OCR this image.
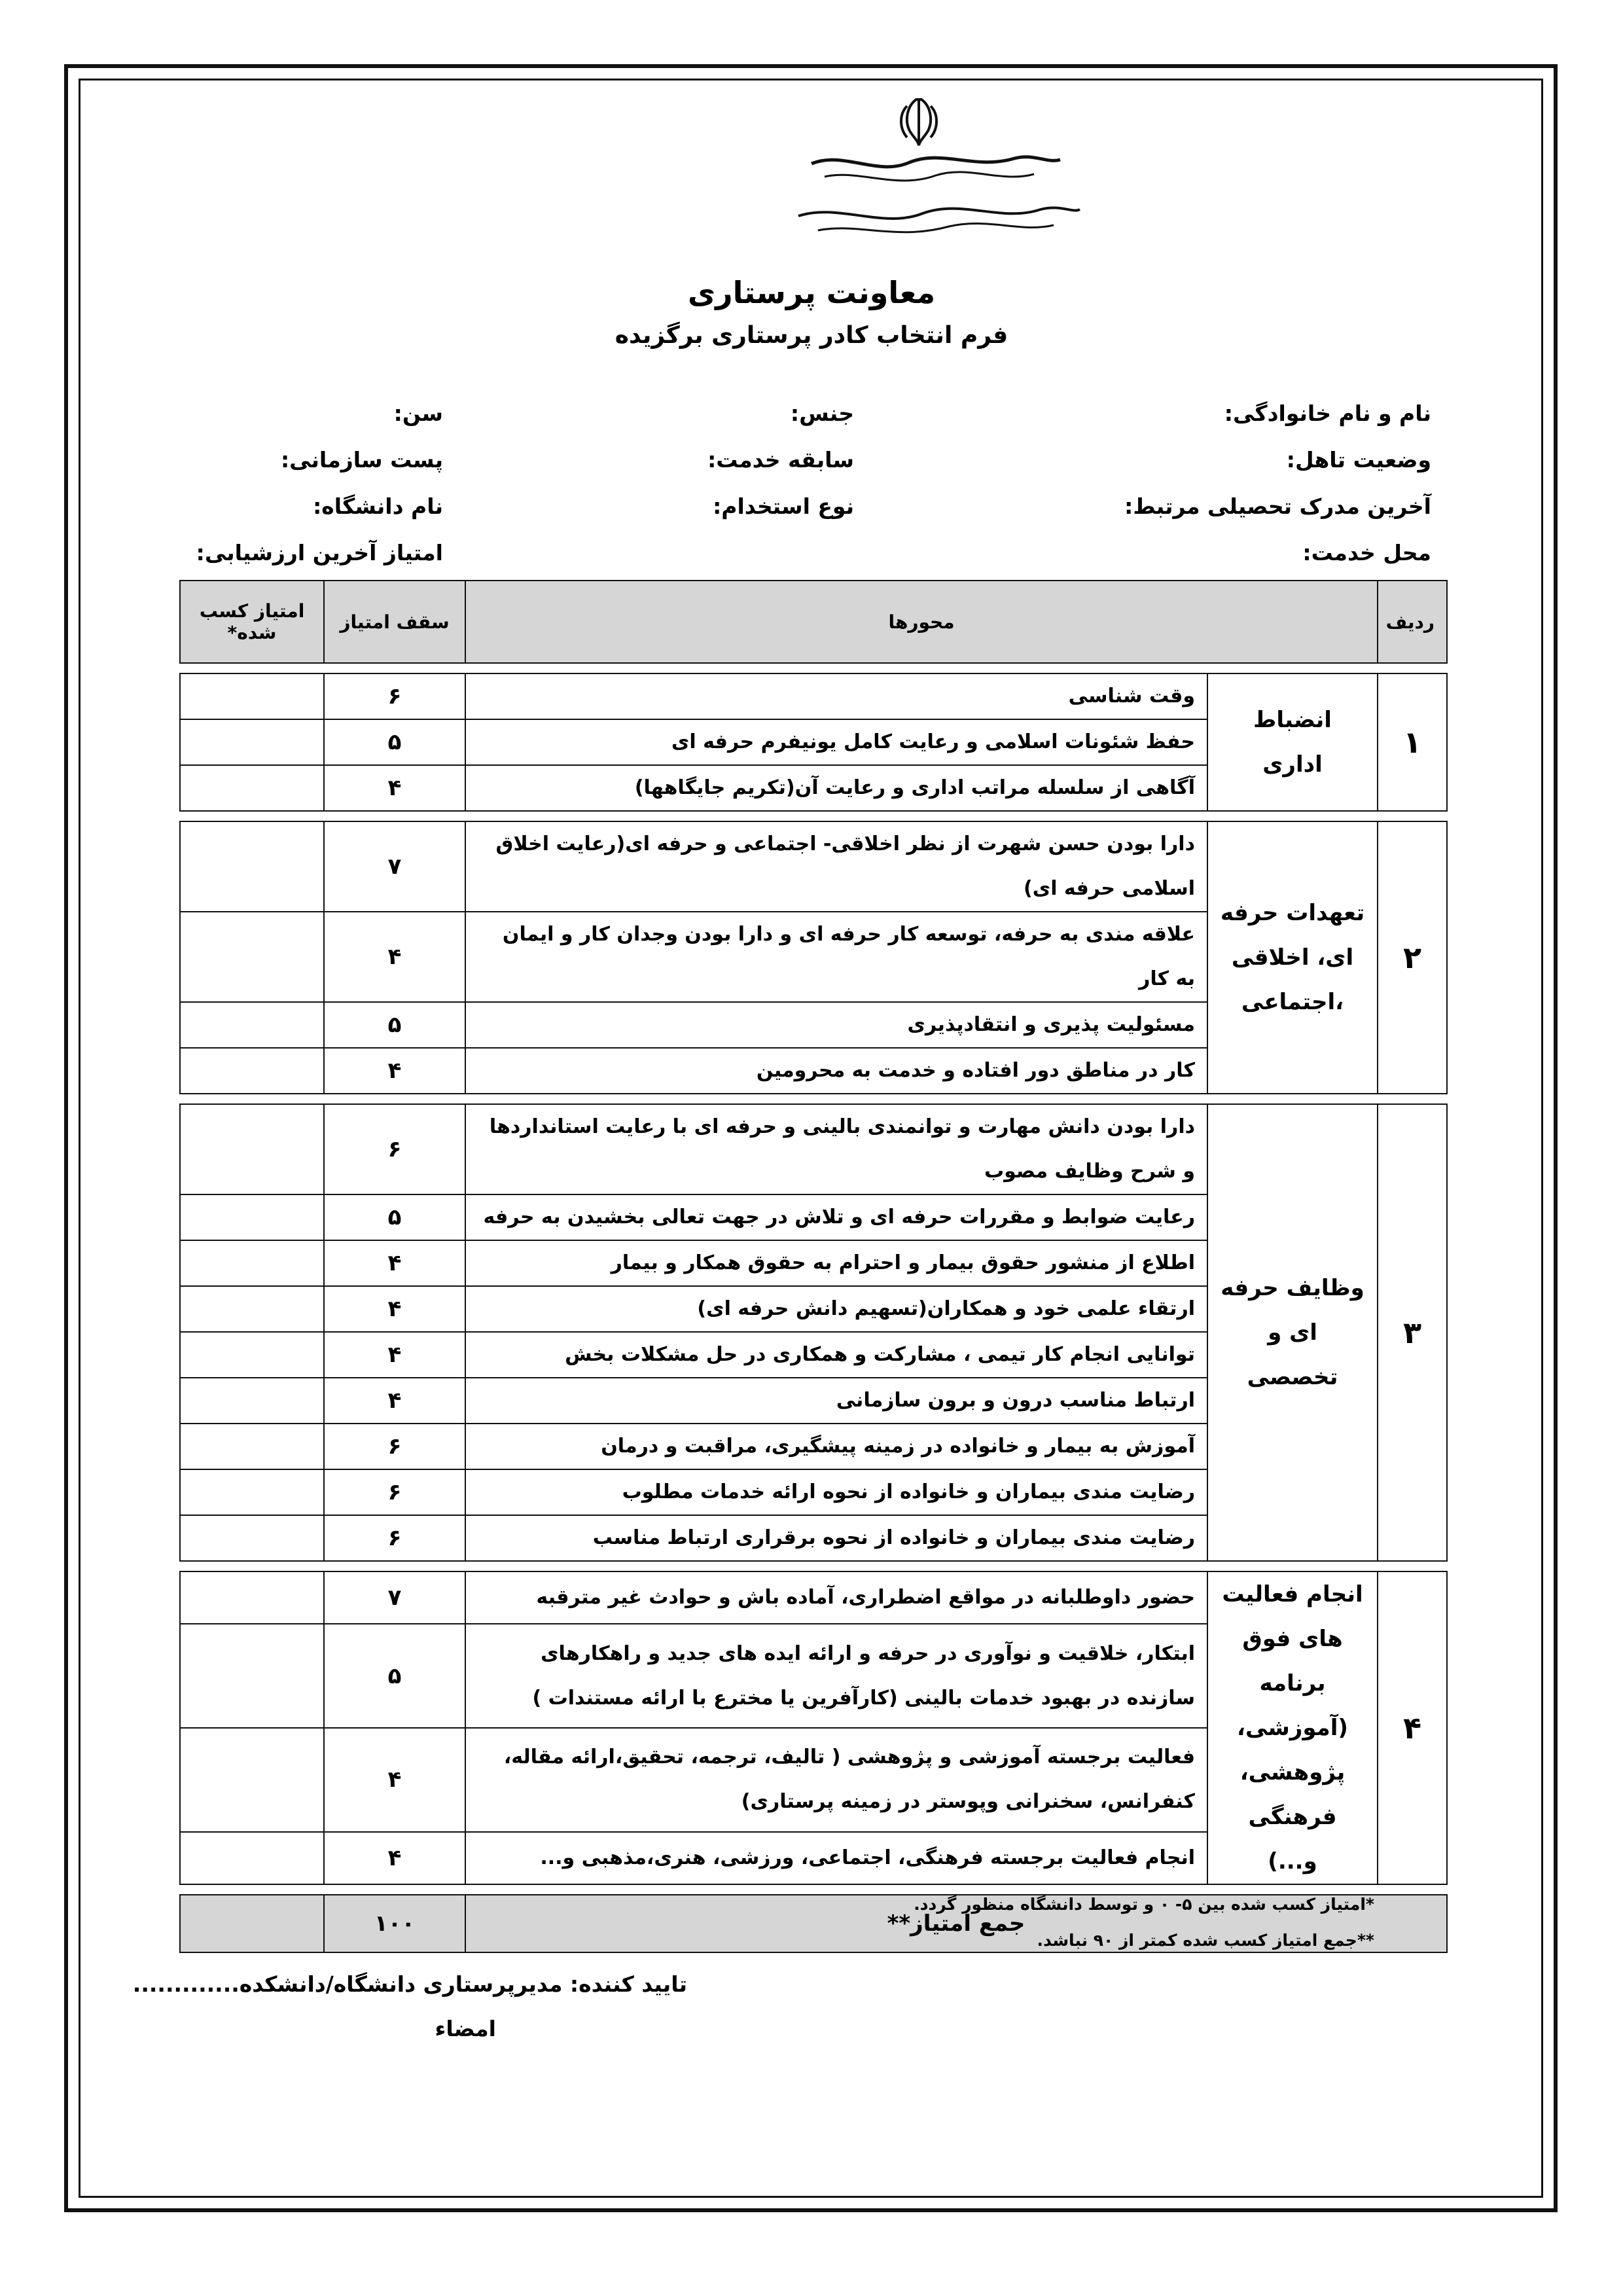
جمهوری اسلامی ایران
وزارت بهداشت، درمان و آموزش پزشکی
معاونت پرستاری
فرم انتخاب کادر پرستاری برگزیده
نام و نام خانوادگی:
جنس:
سن:
وضعیت تاهل:
سابقه خدمت:
پست سازمانی:
آخرین مدرک تحصیلی مرتبط:
نوع استخدام:
نام دانشگاه:
محل خدمت:
امتیاز آخرین ارزشیابی:
ردیف	محورها		سقف امتیاز	امتیاز کسب شده*

۱	انضباط اداری	وقت شناسی	۶	
		حفظ شئونات اسلامی و رعایت کامل یونیفرم حرفه ای	۵	
		آگاهی از سلسله مراتب اداری و رعایت آن(تکریم جایگاهها)	۴	

۲	تعهدات حرفه ای، اخلاقی ،اجتماعی	دارا بودن حسن شهرت از نظر اخلاقی- اجتماعی و حرفه ای(رعایت اخلاق اسلامی حرفه ای)	۷	
		علاقه مندی به حرفه، توسعه کار حرفه ای و دارا بودن وجدان کار و ایمان به کار	۴	
		مسئولیت پذیری و انتقادپذیری	۵	
		کار در مناطق دور افتاده و خدمت به محرومین	۴	

۳	وظایف حرفه ای و تخصصی	دارا بودن دانش مهارت و توانمندی بالینی و حرفه ای با رعایت استانداردها و شرح وظایف مصوب	۶	
		رعایت ضوابط و مقررات حرفه ای و تلاش در جهت تعالی بخشیدن به حرفه	۵	
		اطلاع از منشور حقوق بیمار و احترام به حقوق همکار و بیمار	۴	
		ارتقاء علمی خود و همکاران(تسهیم دانش حرفه ای)	۴	
		توانایی انجام کار تیمی ، مشارکت و همکاری در حل مشکلات بخش	۴	
		ارتباط مناسب درون و برون سازمانی	۴	
		آموزش به بیمار و خانواده در زمینه پیشگیری، مراقبت و درمان	۶	
		رضایت مندی بیماران و خانواده از نحوه ارائه خدمات مطلوب	۶	
		رضایت مندی بیماران و خانواده از نحوه برقراری ارتباط مناسب	۶	

۴	انجام فعالیت های فوق برنامه (آموزشی، پژوهشی، فرهنگی و...)	حضور داوطلبانه در مواقع اضطراری، آماده باش و حوادث غیر مترقبه	۷	
		ابتکار، خلاقیت و نوآوری در حرفه و ارائه ایده های جدید و راهکارهای سازنده در بهبود خدمات بالینی (کارآفرین یا مخترع با ارائه مستندات )	۵	
		فعالیت برجسته آموزشی و پژوهشی ( تالیف، ترجمه، تحقیق،ارائه مقاله، کنفرانس، سخنرانی وپوستر در زمینه پرستاری)	۴	
		انجام فعالیت برجسته فرهنگی، اجتماعی، ورزشی، هنری،مذهبی و...	۴	

جمع امتیاز**			۱۰۰	
*امتیاز کسب شده بین ۵- ۰ و توسط دانشگاه منظور گردد.
**جمع امتیاز کسب شده کمتر از ۹۰ نباشد.
تایید کننده: مدیرپرستاری دانشگاه/دانشکده.............
امضاء
